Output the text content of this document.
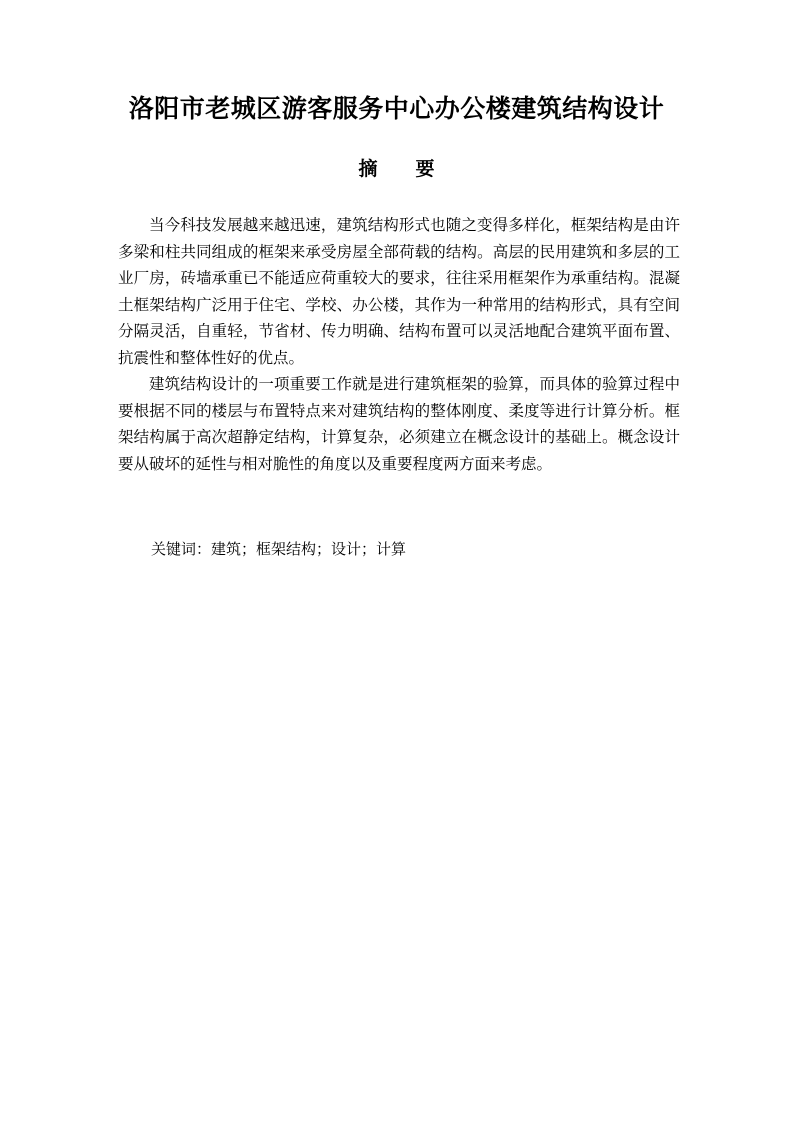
洛阳市老城区游客服务中心办公楼建筑结构设计
摘 要

当今科技发展越来越迅速，建筑结构形式也随之变得多样化，框架结构是由许多梁和柱共同组成的框架来承受房屋全部荷载的结构。高层的民用建筑和多层的工业厂房，砖墙承重已不能适应荷重较大的要求，往往采用框架作为承重结构。混凝土框架结构广泛用于住宅、学校、办公楼，其作为一种常用的结构形式，具有空间分隔灵活，自重轻，节省材、传力明确、结构布置可以灵活地配合建筑平面布置、抗震性和整体性好的优点。

建筑结构设计的一项重要工作就是进行建筑框架的验算，而具体的验算过程中要根据不同的楼层与布置特点来对建筑结构的整体刚度、柔度等进行计算分析。框架结构属于高次超静定结构，计算复杂，必须建立在概念设计的基础上。概念设计要从破坏的延性与相对脆性的角度以及重要程度两方面来考虑。

关键词：建筑；框架结构；设计；计算
